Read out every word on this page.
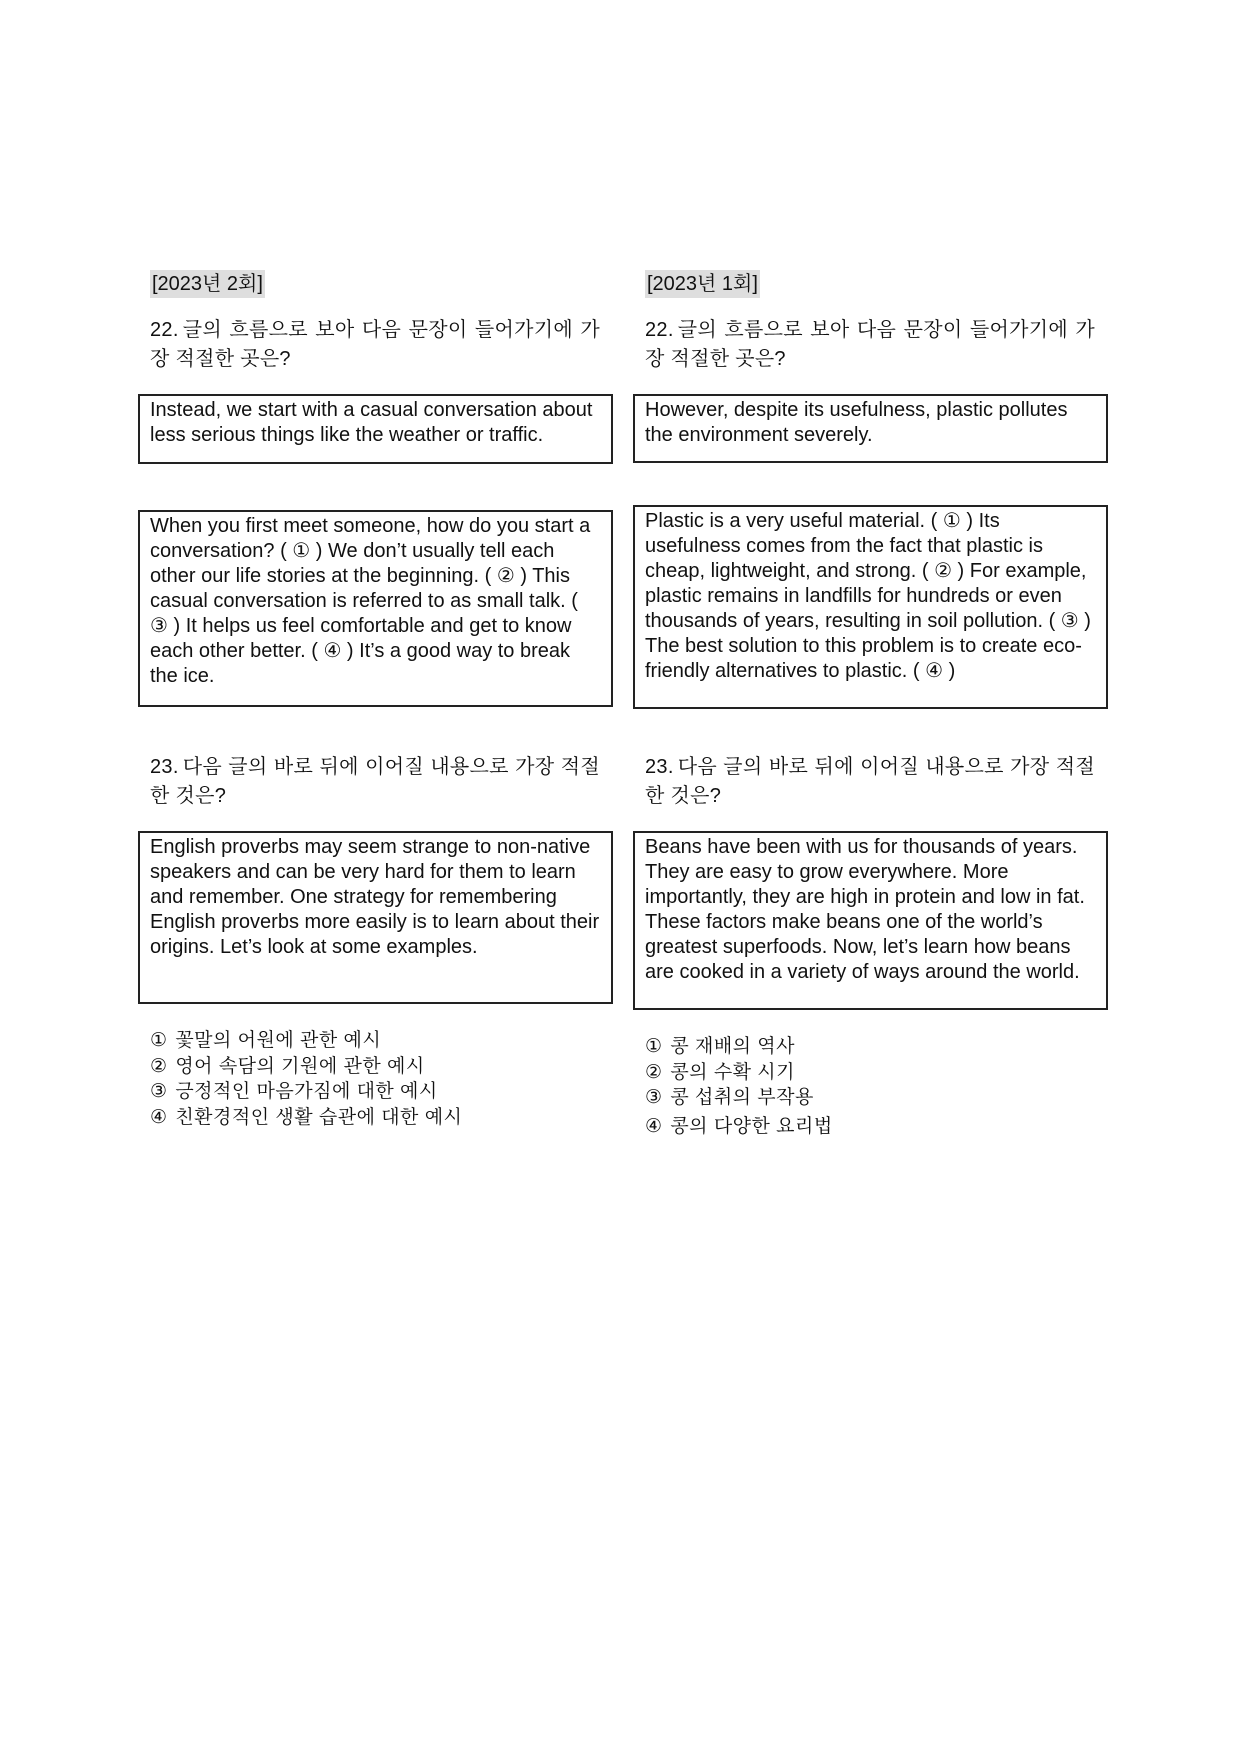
[2023년 2회]

22. 글의 흐름으로 보아 다음 문장이 들어가기에 가장 적절한 곳은?

Instead, we start with a casual conversation about less serious things like the weather or traffic.
When you first meet someone, how do you start a conversation? ( ① ) We don’t usually tell each other our life stories at the beginning. ( ② ) This casual conversation is referred to as small talk. ( ③ ) It helps us feel comfortable and get to know each other better. ( ④ ) It’s a good way to break the ice.

23. 다음 글의 바로 뒤에 이어질 내용으로 가장 적절한 것은?

English proverbs may seem strange to non-native speakers and can be very hard for them to learn and remember. One strategy for remembering English proverbs more easily is to learn about their origins. Let’s look at some examples.
① 꽃말의 어원에 관한 예시
② 영어 속담의 기원에 관한 예시
③ 긍정적인 마음가짐에 대한 예시
④ 친환경적인 생활 습관에 대한 예시
[2023년 1회]

22. 글의 흐름으로 보아 다음 문장이 들어가기에 가장 적절한 곳은?

However, despite its usefulness, plastic pollutes the environment severely.
Plastic is a very useful material. ( ① ) Its usefulness comes from the fact that plastic is cheap, lightweight, and strong. ( ② ) For example, plastic remains in landfills for hundreds or even thousands of years, resulting in soil pollution. ( ③ ) The best solution to this problem is to create eco-friendly alternatives to plastic. ( ④ )

23. 다음 글의 바로 뒤에 이어질 내용으로 가장 적절한 것은?

Beans have been with us for thousands of years. They are easy to grow everywhere. More importantly, they are high in protein and low in fat. These factors make beans one of the world’s greatest superfoods. Now, let’s learn how beans are cooked in a variety of ways around the world.
① 콩 재배의 역사
② 콩의 수확 시기
③ 콩 섭취의 부작용
④ 콩의 다양한 요리법
